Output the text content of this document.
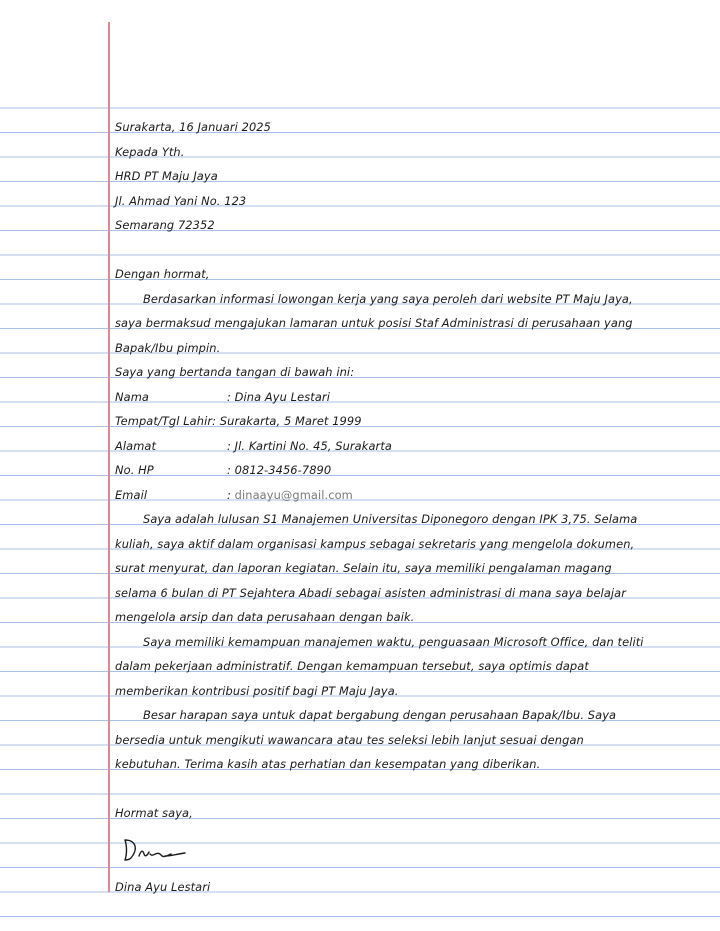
Surakarta, 16 Januari 2025
Kepada Yth.
HRD PT Maju Jaya
Jl. Ahmad Yani No. 123
Semarang 72352
Dengan hormat,
Berdasarkan informasi lowongan kerja yang saya peroleh dari website PT Maju Jaya,
saya bermaksud mengajukan lamaran untuk posisi Staf Administrasi di perusahaan yang
Bapak/Ibu pimpin.
Saya yang bertanda tangan di bawah ini:
Nama	: Dina Ayu Lestari
Tempat/Tgl Lahir : Surakarta, 5 Maret 1999
Alamat	: Jl. Kartini No. 45, Surakarta
No. HP	: 0812-3456-7890
Email	: dinaayu@gmail.com
Saya adalah lulusan S1 Manajemen Universitas Diponegoro dengan IPK 3,75. Selama
kuliah, saya aktif dalam organisasi kampus sebagai sekretaris yang mengelola dokumen,
surat menyurat, dan laporan kegiatan. Selain itu, saya memiliki pengalaman magang
selama 6 bulan di PT Sejahtera Abadi sebagai asisten administrasi di mana saya belajar
mengelola arsip dan data perusahaan dengan baik.
Saya memiliki kemampuan manajemen waktu, penguasaan Microsoft Office, dan teliti
dalam pekerjaan administratif. Dengan kemampuan tersebut, saya optimis dapat
memberikan kontribusi positif bagi PT Maju Jaya.
Besar harapan saya untuk dapat bergabung dengan perusahaan Bapak/Ibu. Saya
bersedia untuk mengikuti wawancara atau tes seleksi lebih lanjut sesuai dengan
kebutuhan. Terima kasih atas perhatian dan kesempatan yang diberikan.
Hormat saya,
Dina Ayu Lestari
